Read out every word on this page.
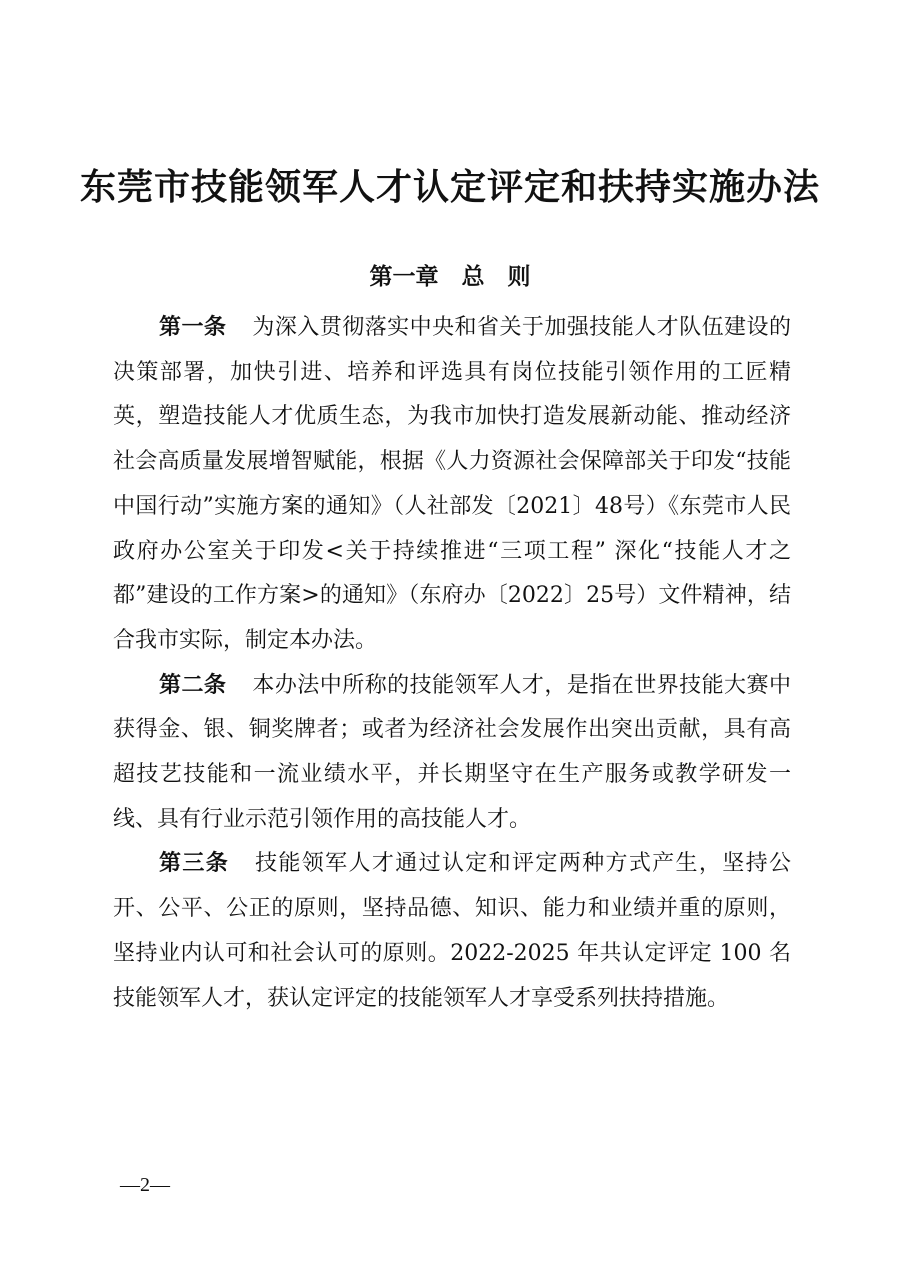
东莞市技能领军人才认定评定和扶持实施办法
第一章　总　则

第一条 为深入贯彻落实中央和省关于加强技能人才队伍建设的决策部署，加快引进、培养和评选具有岗位技能引领作用的工匠精英，塑造技能人才优质生态，为我市加快打造发展新动能、推动经济社会高质量发展增智赋能，根据《人力资源社会保障部关于印发“技能中国行动”实施方案的通知》（人社部发〔2021〕48号）《东莞市人民政府办公室关于印发<关于持续推进“三项工程” 深化“技能人才之都”建设的工作方案>的通知》（东府办〔2022〕25号）文件精神，结合我市实际，制定本办法。

第二条 本办法中所称的技能领军人才，是指在世界技能大赛中获得金、银、铜奖牌者；或者为经济社会发展作出突出贡献，具有高超技艺技能和一流业绩水平，并长期坚守在生产服务或教学研发一线、具有行业示范引领作用的高技能人才。

第三条 技能领军人才通过认定和评定两种方式产生，坚持公开、公平、公正的原则，坚持品德、知识、能力和业绩并重的原则，坚持业内认可和社会认可的原则。2022-2025 年共认定评定 100 名技能领军人才，获认定评定的技能领军人才享受系列扶持措施。

—2—
